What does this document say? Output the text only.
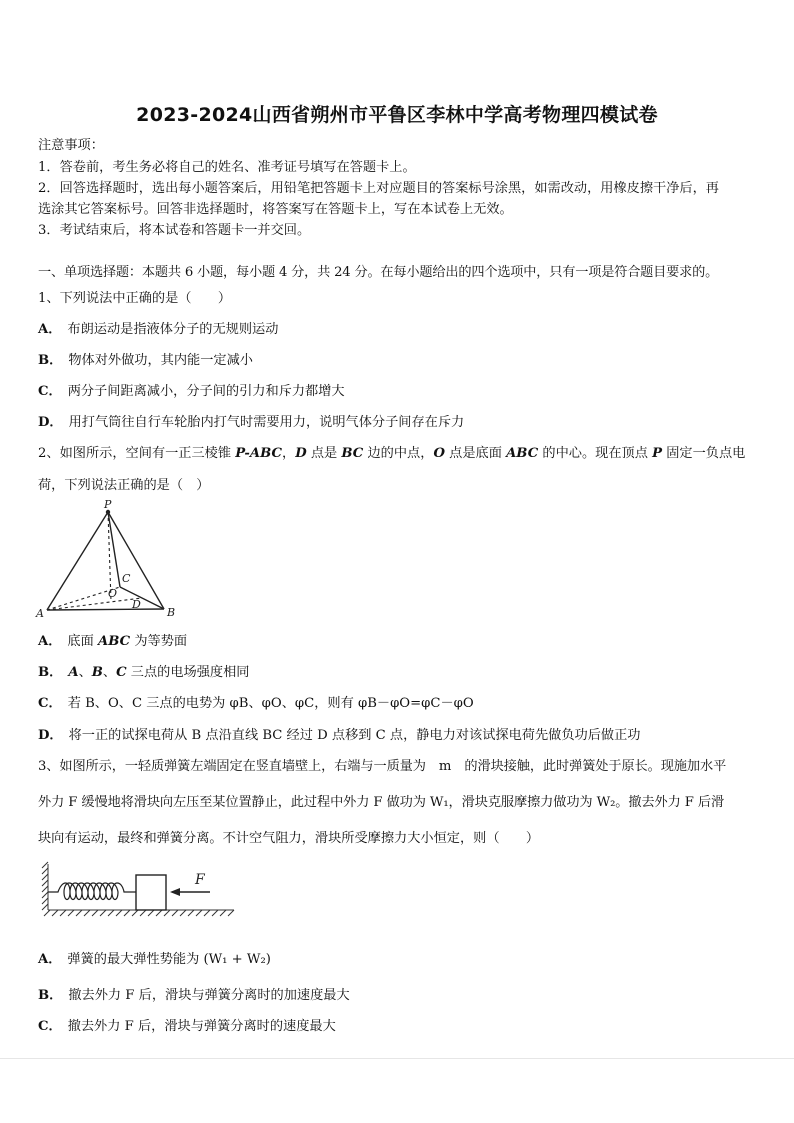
2023-2024山西省朔州市平鲁区李林中学高考物理四模试卷
注意事项：
1．答卷前，考生务必将自己的姓名、准考证号填写在答题卡上。
2．回答选择题时，选出每小题答案后，用铅笔把答题卡上对应题目的答案标号涂黑，如需改动，用橡皮擦干净后，再
选涂其它答案标号。回答非选择题时，将答案写在答题卡上，写在本试卷上无效。
3．考试结束后，将本试卷和答题卡一并交回。
一、单项选择题：本题共 6 小题，每小题 4 分，共 24 分。在每小题给出的四个选项中，只有一项是符合题目要求的。
1、下列说法中正确的是（　　）
A． 布朗运动是指液体分子的无规则运动
B． 物体对外做功，其内能一定减小
C． 两分子间距离减小，分子间的引力和斥力都增大
D． 用打气筒往自行车轮胎内打气时需要用力，说明气体分子间存在斥力
2、如图所示，空间有一正三棱锥 P-ABC，D 点是 BC 边的中点，O 点是底面 ABC 的中心。现在顶点 P 固定一负点电
荷，下列说法正确的是（　）
P
A	B
C
O
D
A． 底面 ABC 为等势面
B． A、B、C 三点的电场强度相同
C． 若 B、O、C 三点的电势为 φB、φO、φC，则有 φB－φO=φC－φO
D． 将一正的试探电荷从 B 点沿直线 BC 经过 D 点移到 C 点，静电力对该试探电荷先做负功后做正功
3、如图所示，一轻质弹簧左端固定在竖直墙壁上，右端与一质量为　m　的滑块接触，此时弹簧处于原长。现施加水平
外力 F 缓慢地将滑块向左压至某位置静止，此过程中外力 F 做功为 W₁，滑块克服摩擦力做功为 W₂。撤去外力 F 后滑
块向有运动，最终和弹簧分离。不计空气阻力，滑块所受摩擦力大小恒定，则（　　）
F
A． 弹簧的最大弹性势能为 (W₁ + W₂)
B． 撤去外力 F 后，滑块与弹簧分离时的加速度最大
C． 撤去外力 F 后，滑块与弹簧分离时的速度最大
